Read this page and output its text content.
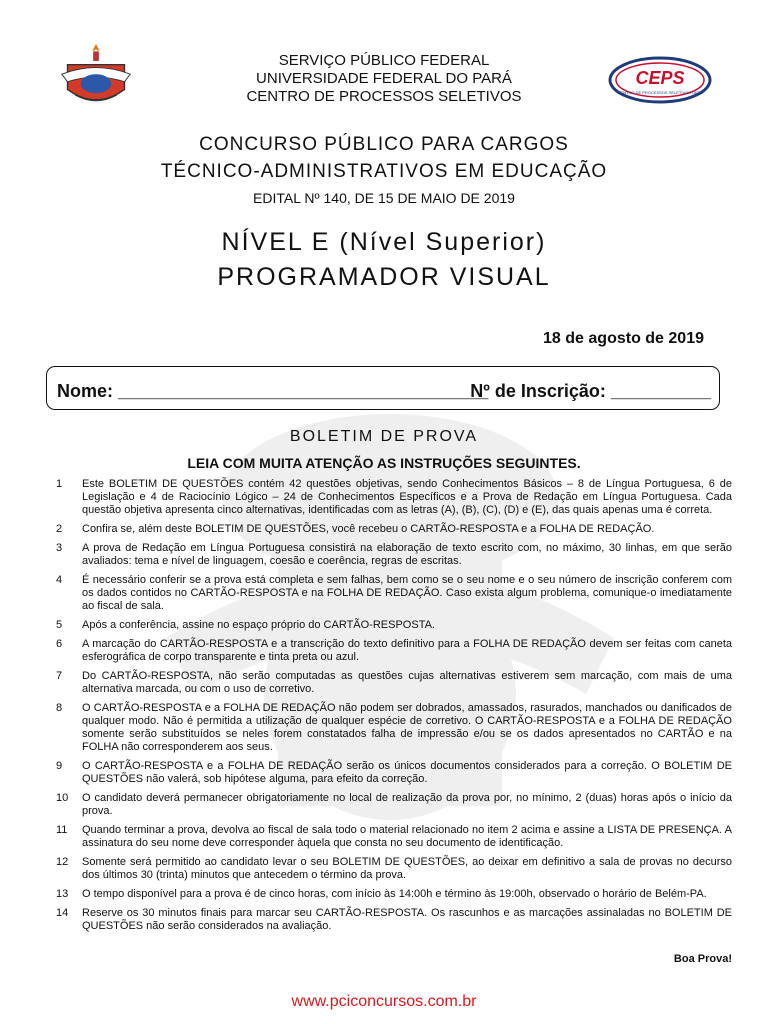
CEPS
CENTRO DE PROCESSOS SELETIVOS UFPA
SERVIÇO PÚBLICO FEDERAL
UNIVERSIDADE FEDERAL DO PARÁ
CENTRO DE PROCESSOS SELETIVOS
CONCURSO PÚBLICO PARA CARGOS
TÉCNICO-ADMINISTRATIVOS EM EDUCAÇÃO
EDITAL Nº 140, DE 15 DE MAIO DE 2019
NÍVEL E (Nível Superior)
PROGRAMADOR VISUAL
18 de agosto de 2019
Nome: _____________________________________
Nº de Inscrição: __________
BOLETIM DE PROVA
LEIA COM MUITA ATENÇÃO AS INSTRUÇÕES SEGUINTES.
1 Este BOLETIM DE QUESTÕES contém 42 questões objetivas, sendo Conhecimentos Básicos – 8 de Língua Portuguesa, 6 de Legislação e 4 de Raciocínio Lógico – 24 de Conhecimentos Específicos e a Prova de Redação em Língua Portuguesa. Cada questão objetiva apresenta cinco alternativas, identificadas com as letras (A), (B), (C), (D) e (E), das quais apenas uma é correta.
2 Confira se, além deste BOLETIM DE QUESTÕES, você recebeu o CARTÃO-RESPOSTA e a FOLHA DE REDAÇÃO.
3 A prova de Redação em Língua Portuguesa consistirá na elaboração de texto escrito com, no máximo, 30 linhas, em que serão avaliados: tema e nível de linguagem, coesão e coerência, regras de escritas.
4 É necessário conferir se a prova está completa e sem falhas, bem como se o seu nome e o seu número de inscrição conferem com os dados contidos no CARTÃO-RESPOSTA e na FOLHA DE REDAÇÃO. Caso exista algum problema, comunique-o imediatamente ao fiscal de sala.
5 Após a conferência, assine no espaço próprio do CARTÃO-RESPOSTA.
6 A marcação do CARTÃO-RESPOSTA e a transcrição do texto definitivo para a FOLHA DE REDAÇÃO devem ser feitas com caneta esferográfica de corpo transparente e tinta preta ou azul.
7 Do CARTÃO-RESPOSTA, não serão computadas as questões cujas alternativas estiverem sem marcação, com mais de uma alternativa marcada, ou com o uso de corretivo.
8 O CARTÃO-RESPOSTA e a FOLHA DE REDAÇÃO não podem ser dobrados, amassados, rasurados, manchados ou danificados de qualquer modo. Não é permitida a utilização de qualquer espécie de corretivo. O CARTÃO-RESPOSTA e a FOLHA DE REDAÇÃO somente serão substituídos se neles forem constatados falha de impressão e/ou se os dados apresentados no CARTÃO e na FOLHA não corresponderem aos seus.
9 O CARTÃO-RESPOSTA e a FOLHA DE REDAÇÃO serão os únicos documentos considerados para a correção. O BOLETIM DE QUESTÕES não valerá, sob hipótese alguma, para efeito da correção.
10 O candidato deverá permanecer obrigatoriamente no local de realização da prova por, no mínimo, 2 (duas) horas após o início da prova.
11 Quando terminar a prova, devolva ao fiscal de sala todo o material relacionado no item 2 acima e assine a LISTA DE PRESENÇA. A assinatura do seu nome deve corresponder àquela que consta no seu documento de identificação.
12 Somente será permitido ao candidato levar o seu BOLETIM DE QUESTÕES, ao deixar em definitivo a sala de provas no decurso dos últimos 30 (trinta) minutos que antecedem o término da prova.
13 O tempo disponível para a prova é de cinco horas, com início às 14:00h e término às 19:00h, observado o horário de Belém-PA.
14 Reserve os 30 minutos finais para marcar seu CARTÃO-RESPOSTA. Os rascunhos e as marcações assinaladas no BOLETIM DE QUESTÕES não serão considerados na avaliação.
Boa Prova!
www.pciconcursos.com.br
